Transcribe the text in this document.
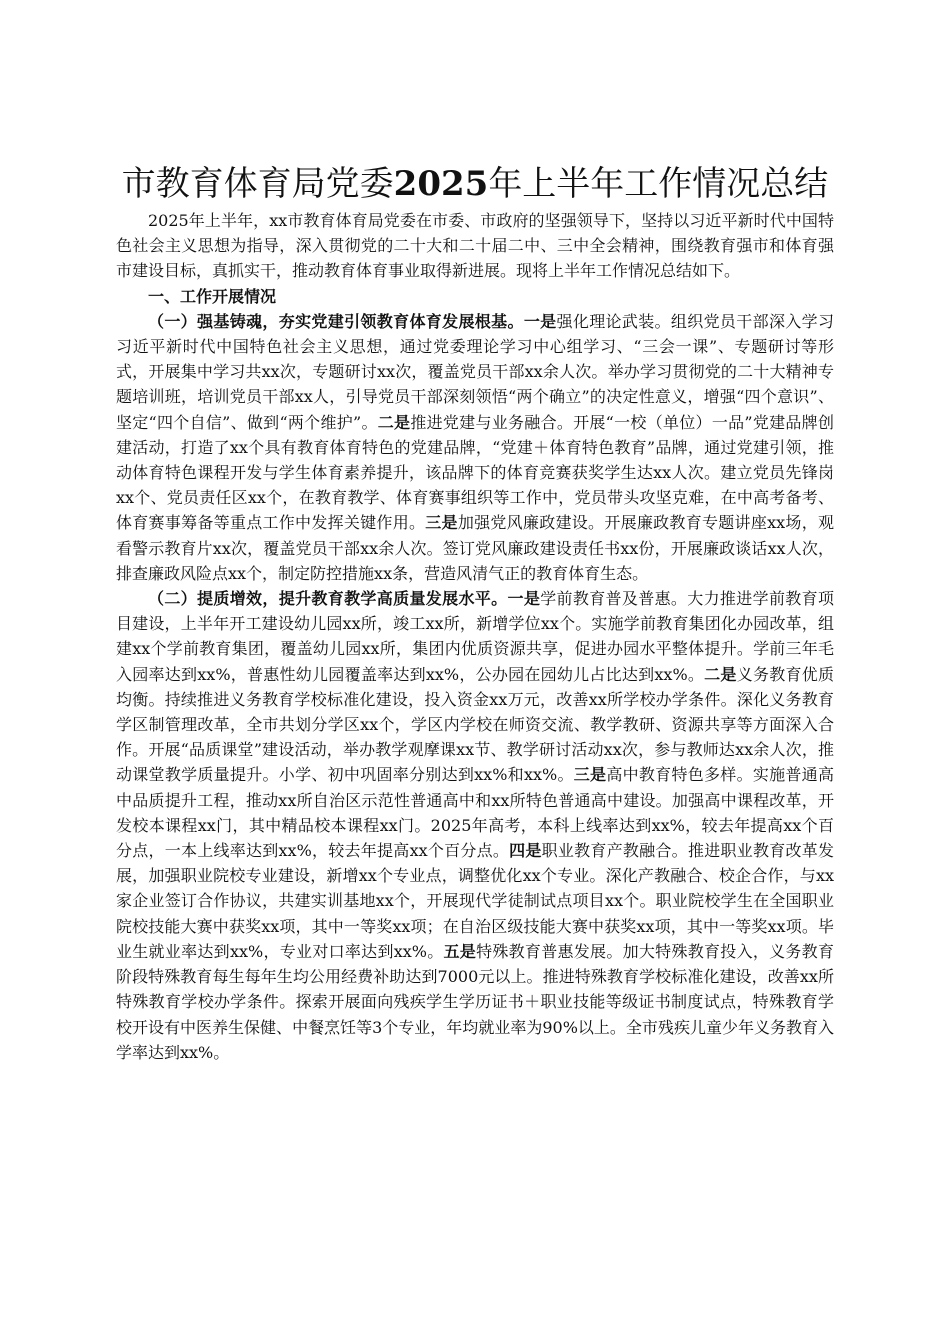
市教育体育局党委2025年上半年工作情况总结

2025年上半年，xx市教育体育局党委在市委、市政府的坚强领导下，坚持以习近平新时代中国特色社会主义思想为指导，深入贯彻党的二十大和二十届二中、三中全会精神，围绕教育强市和体育强市建设目标，真抓实干，推动教育体育事业取得新进展。现将上半年工作情况总结如下。

一、工作开展情况

（一）强基铸魂，夯实党建引领教育体育发展根基。一是强化理论武装。组织党员干部深入学习习近平新时代中国特色社会主义思想，通过党委理论学习中心组学习、“三会一课”、专题研讨等形式，开展集中学习共xx次，专题研讨xx次，覆盖党员干部xx余人次。举办学习贯彻党的二十大精神专题培训班，培训党员干部xx人，引导党员干部深刻领悟“两个确立”的决定性意义，增强“四个意识”、坚定“四个自信”、做到“两个维护”。二是推进党建与业务融合。开展“一校（单位）一品”党建品牌创建活动，打造了xx个具有教育体育特色的党建品牌，“党建＋体育特色教育”品牌，通过党建引领，推动体育特色课程开发与学生体育素养提升，该品牌下的体育竞赛获奖学生达xx人次。建立党员先锋岗xx个、党员责任区xx个，在教育教学、体育赛事组织等工作中，党员带头攻坚克难，在中高考备考、体育赛事筹备等重点工作中发挥关键作用。三是加强党风廉政建设。开展廉政教育专题讲座xx场，观看警示教育片xx次，覆盖党员干部xx余人次。签订党风廉政建设责任书xx份，开展廉政谈话xx人次，排查廉政风险点xx个，制定防控措施xx条，营造风清气正的教育体育生态。

（二）提质增效，提升教育教学高质量发展水平。一是学前教育普及普惠。大力推进学前教育项目建设，上半年开工建设幼儿园xx所，竣工xx所，新增学位xx个。实施学前教育集团化办园改革，组建xx个学前教育集团，覆盖幼儿园xx所，集团内优质资源共享，促进办园水平整体提升。学前三年毛入园率达到xx%，普惠性幼儿园覆盖率达到xx%，公办园在园幼儿占比达到xx%。二是义务教育优质均衡。持续推进义务教育学校标准化建设，投入资金xx万元，改善xx所学校办学条件。深化义务教育学区制管理改革，全市共划分学区xx个，学区内学校在师资交流、教学教研、资源共享等方面深入合作。开展“品质课堂”建设活动，举办教学观摩课xx节、教学研讨活动xx次，参与教师达xx余人次，推动课堂教学质量提升。小学、初中巩固率分别达到xx%和xx%。三是高中教育特色多样。实施普通高中品质提升工程，推动xx所自治区示范性普通高中和xx所特色普通高中建设。加强高中课程改革，开发校本课程xx门，其中精品校本课程xx门。2025年高考，本科上线率达到xx%，较去年提高xx个百分点，一本上线率达到xx%，较去年提高xx个百分点。四是职业教育产教融合。推进职业教育改革发展，加强职业院校专业建设，新增xx个专业点，调整优化xx个专业。深化产教融合、校企合作，与xx家企业签订合作协议，共建实训基地xx个，开展现代学徒制试点项目xx个。职业院校学生在全国职业院校技能大赛中获奖xx项，其中一等奖xx项；在自治区级技能大赛中获奖xx项，其中一等奖xx项。毕业生就业率达到xx%，专业对口率达到xx%。五是特殊教育普惠发展。加大特殊教育投入，义务教育阶段特殊教育每生每年生均公用经费补助达到7000元以上。推进特殊教育学校标准化建设，改善xx所特殊教育学校办学条件。探索开展面向残疾学生学历证书＋职业技能等级证书制度试点，特殊教育学校开设有中医养生保健、中餐烹饪等3个专业，年均就业率为90%以上。全市残疾儿童少年义务教育入学率达到xx%。
